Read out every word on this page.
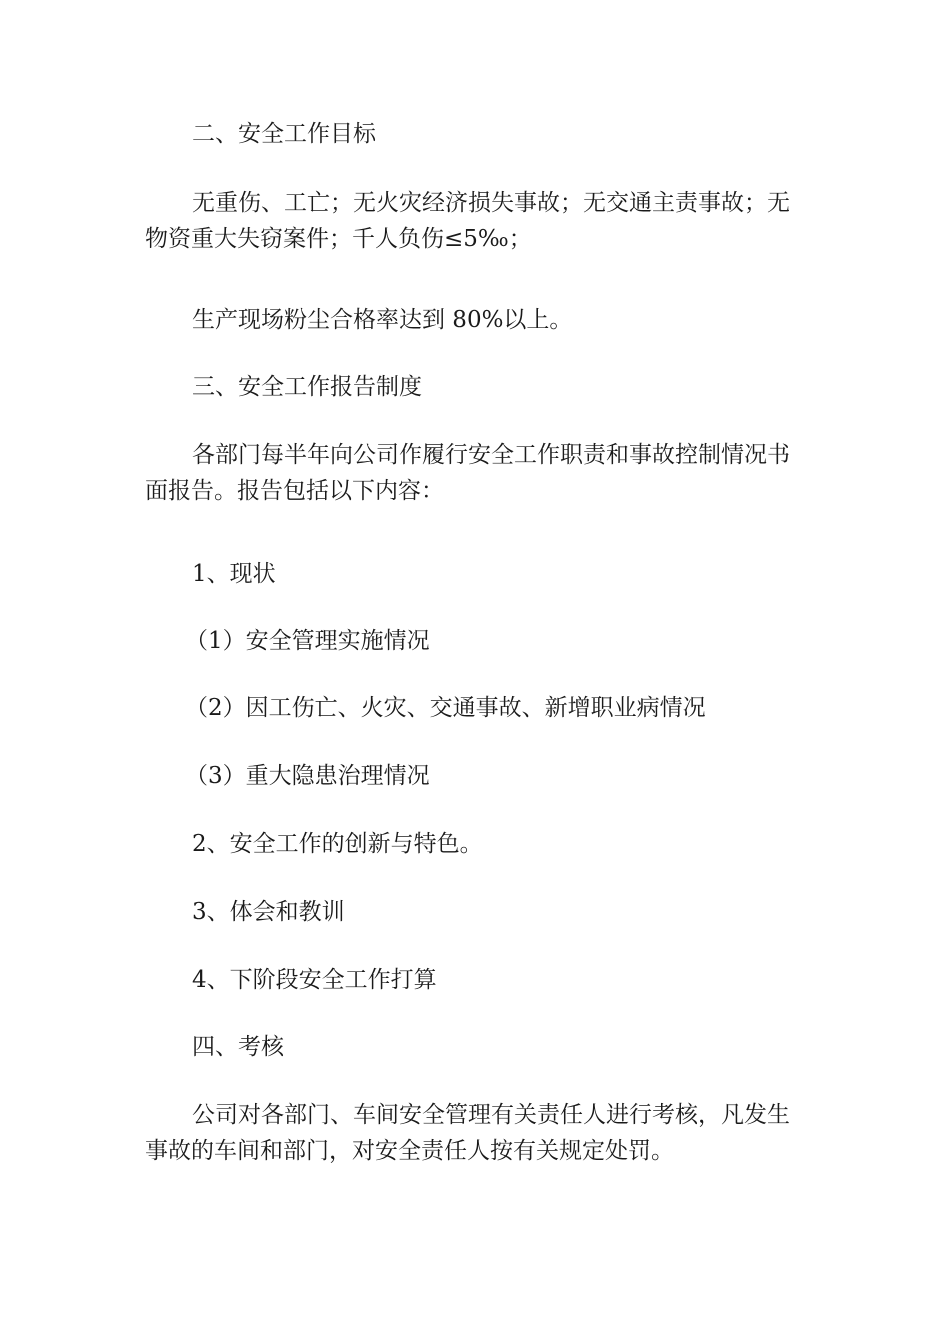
二、安全工作目标

无重伤、工亡；无火灾经济损失事故；无交通主责事故；无物资重大失窃案件；千人负伤≤5‰；

生产现场粉尘合格率达到 80%以上。

三、安全工作报告制度

各部门每半年向公司作履行安全工作职责和事故控制情况书面报告。报告包括以下内容：

1、现状

（1）安全管理实施情况

（2）因工伤亡、火灾、交通事故、新增职业病情况

（3）重大隐患治理情况

2、安全工作的创新与特色。

3、体会和教训

4、下阶段安全工作打算

四、考核

公司对各部门、车间安全管理有关责任人进行考核，凡发生事故的车间和部门，对安全责任人按有关规定处罚。
